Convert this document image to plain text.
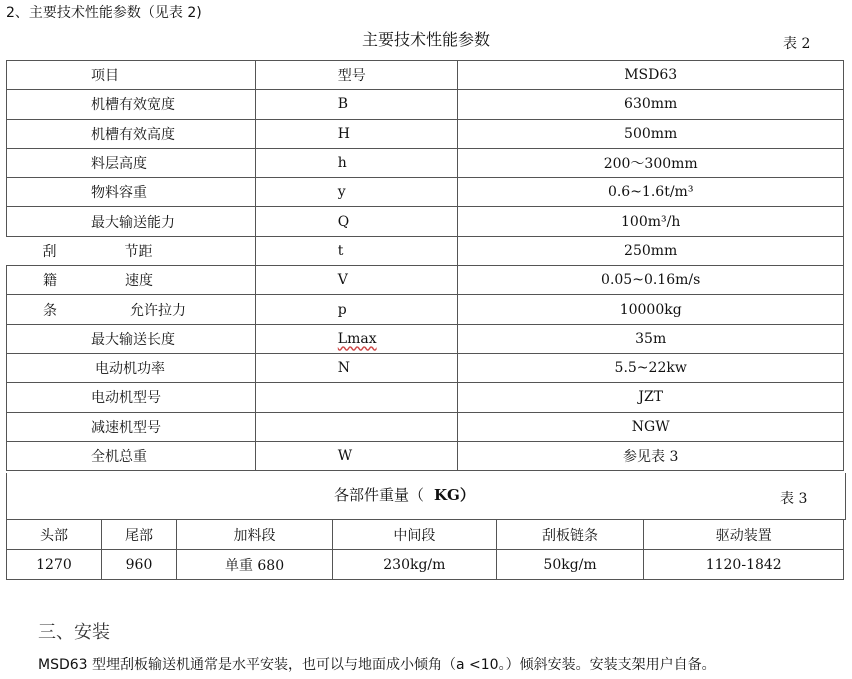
2、主要技术性能参数（见表 2)
主要技术性能参数	表 2
项目	型号	MSD63

机槽有效宽度	B	630mm

机槽有效高度	H	500mm

料层高度	h	200～300mm

物料容重	y	0.6~1.6t/m³

最大输送能力	Q	100m³/h

刮 节距	t	250mm

籍 速度	V	0.05~0.16m/s

条 允许拉力	p	10000kg

最大输送长度	Lmax	35m

电动机功率	N	5.5~22kw

电动机型号		JZT

减速机型号		NGW

全机总重	W	参见表 3
各部件重量（ KG）	表 3
头部	尾部	加料段	中间段	刮板链条	驱动装置
1270	960	单重 680	230kg/m	50kg/m	1120-1842
三、安装
MSD63 型埋刮板输送机通常是水平安装，也可以与地面成小倾角（a <10。）倾斜安装。安装支架用户自备。
